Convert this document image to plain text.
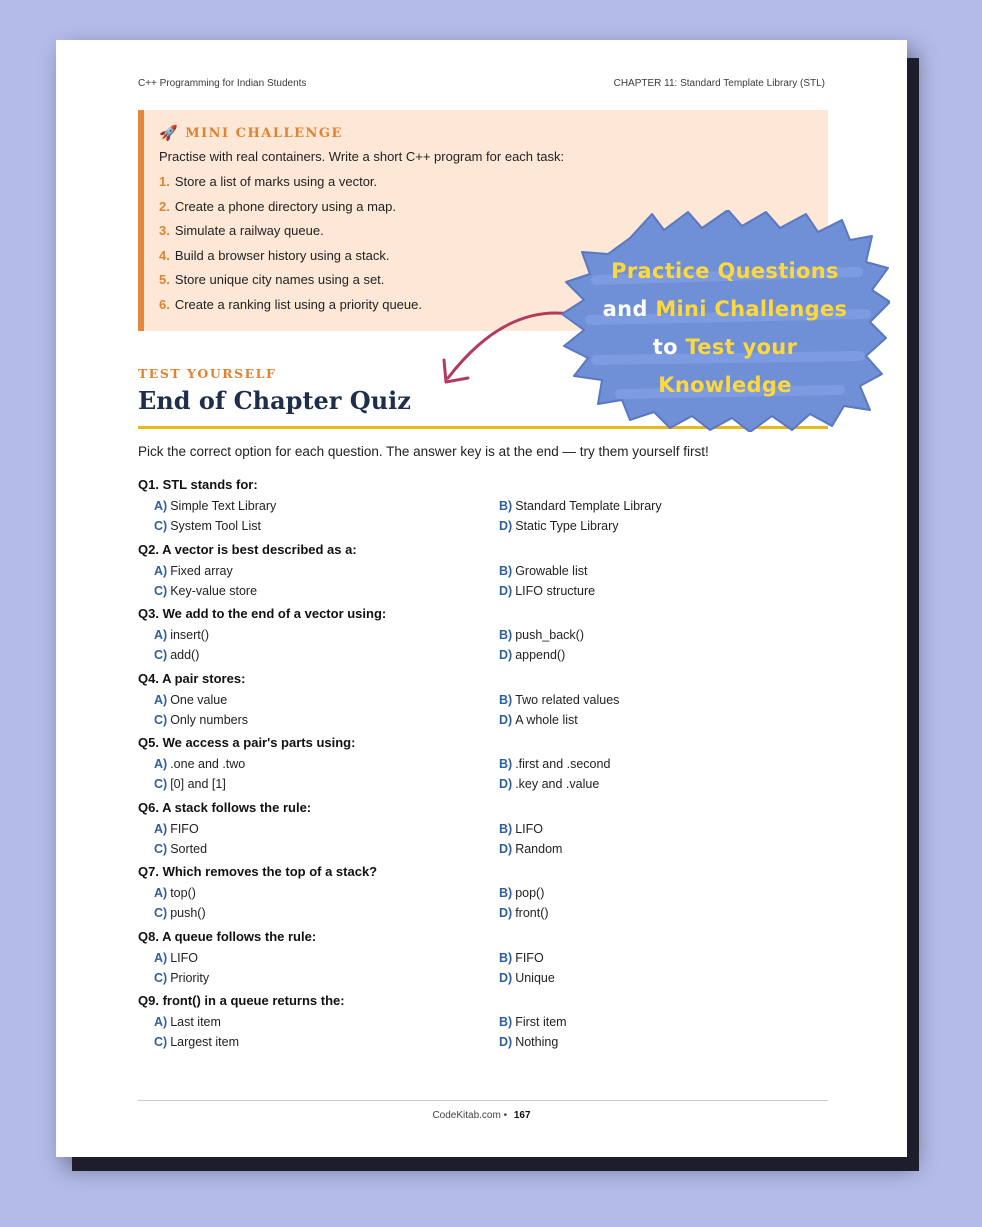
C++ Programming for Indian Students	CHAPTER 11: Standard Template Library (STL)
🚀 MINI CHALLENGE
Practise with real containers. Write a short C++ program for each task:
1. Store a list of marks using a vector.
2. Create a phone directory using a map.
3. Simulate a railway queue.
4. Build a browser history using a stack.
5. Store unique city names using a set.
6. Create a ranking list using a priority queue.
TEST YOURSELF
End of Chapter Quiz
Pick the correct option for each question. The answer key is at the end — try them yourself first!
Q1. STL stands for:
A) Simple Text Library	B) Standard Template Library
C) System Tool List	D) Static Type Library
Q2. A vector is best described as a:
A) Fixed array	B) Growable list
C) Key-value store	D) LIFO structure
Q3. We add to the end of a vector using:
A) insert()	B) push_back()
C) add()	D) append()
Q4. A pair stores:
A) One value	B) Two related values
C) Only numbers	D) A whole list
Q5. We access a pair's parts using:
A) .one and .two	B) .first and .second
C) [0] and [1]	D) .key and .value
Q6. A stack follows the rule:
A) FIFO	B) LIFO
C) Sorted	D) Random
Q7. Which removes the top of a stack?
A) top()	B) pop()
C) push()	D) front()
Q8. A queue follows the rule:
A) LIFO	B) FIFO
C) Priority	D) Unique
Q9. front() in a queue returns the:
A) Last item	B) First item
C) Largest item	D) Nothing
CodeKitab.com • 167
Practice Questions
and Mini Challenges
to Test your
Knowledge
